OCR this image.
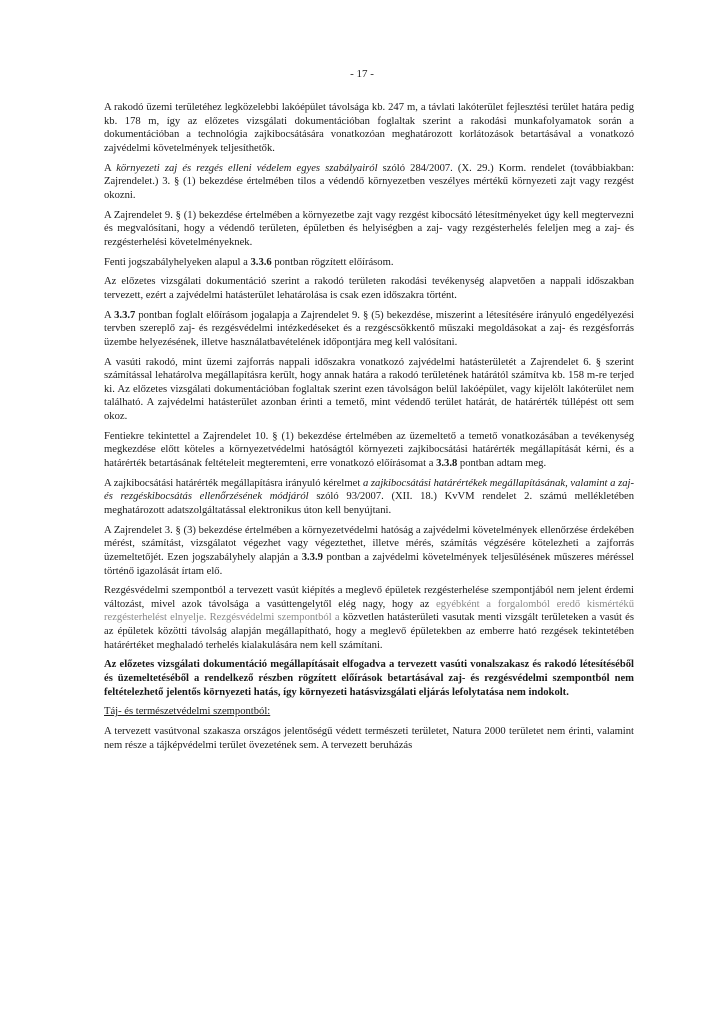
- 17 -

A rakodó üzemi területéhez legközelebbi lakóépület távolsága kb. 247 m, a távlati lakóterület fejlesztési terület határa pedig kb. 178 m, így az előzetes vizsgálati dokumentációban foglaltak szerint a rakodási munkafolyamatok során a dokumentációban a technológia zajkibocsátására vonatkozóan meghatározott korlátozások betartásával a vonatkozó zajvédelmi követelmények teljesíthetők.

A környezeti zaj és rezgés elleni védelem egyes szabályairól szóló 284/2007. (X. 29.) Korm. rendelet (továbbiakban: Zajrendelet.) 3. § (1) bekezdése értelmében tilos a védendő környezetben veszélyes mértékű környezeti zajt vagy rezgést okozni.

A Zajrendelet 9. § (1) bekezdése értelmében a környezetbe zajt vagy rezgést kibocsátó létesítményeket úgy kell megtervezni és megvalósítani, hogy a védendő területen, épületben és helyiségben a zaj- vagy rezgésterhelés feleljen meg a zaj- és rezgésterhelési követelményeknek.

Fenti jogszabályhelyeken alapul a 3.3.6 pontban rögzített előírásom.

Az előzetes vizsgálati dokumentáció szerint a rakodó területen rakodási tevékenység alapvetően a nappali időszakban tervezett, ezért a zajvédelmi hatásterület lehatárolása is csak ezen időszakra történt.

A 3.3.7 pontban foglalt előírásom jogalapja a Zajrendelet 9. § (5) bekezdése, miszerint a létesítésére irányuló engedélyezési tervben szereplő zaj- és rezgésvédelmi intézkedéseket és a rezgéscsökkentő műszaki megoldásokat a zaj- és rezgésforrás üzembe helyezésének, illetve használatbavételének időpontjára meg kell valósítani.

A vasúti rakodó, mint üzemi zajforrás nappali időszakra vonatkozó zajvédelmi hatásterületét a Zajrendelet 6. § szerint számítással lehatárolva megállapításra került, hogy annak határa a rakodó területének határától számítva kb. 158 m-re terjed ki. Az előzetes vizsgálati dokumentációban foglaltak szerint ezen távolságon belül lakóépület, vagy kijelölt lakóterület nem található. A zajvédelmi hatásterület azonban érinti a temető, mint védendő terület határát, de határérték túllépést ott sem okoz.

Fentiekre tekintettel a Zajrendelet 10. § (1) bekezdése értelmében az üzemeltető a temető vonatkozásában a tevékenység megkezdése előtt köteles a környezetvédelmi hatóságtól környezeti zajkibocsátási határérték megállapítását kérni, és a határérték betartásának feltételeit megteremteni, erre vonatkozó előírásomat a 3.3.8 pontban adtam meg.

A zajkibocsátási határérték megállapításra irányuló kérelmet a zajkibocsátási határértékek megállapításának, valamint a zaj- és rezgéskibocsátás ellenőrzésének módjáról szóló 93/2007. (XII. 18.) KvVM rendelet 2. számú mellékletében meghatározott adatszolgáltatással elektronikus úton kell benyújtani.

A Zajrendelet 3. § (3) bekezdése értelmében a környezetvédelmi hatóság a zajvédelmi követelmények ellenőrzése érdekében mérést, számítást, vizsgálatot végezhet vagy végeztethet, illetve mérés, számítás végzésére kötelezheti a zajforrás üzemeltetőjét. Ezen jogszabályhely alapján a 3.3.9 pontban a zajvédelmi követelmények teljesülésének műszeres méréssel történő igazolását írtam elő.

Rezgésvédelmi szempontból a tervezett vasút kiépítés a meglevő épületek rezgésterhelése szempontjából nem jelent érdemi változást, mivel azok távolsága a vasúttengelytől elég nagy, hogy az egyébként a forgalomból eredő kismértékű rezgésterhelést elnyelje. Rezgésvédelmi szempontból a közvetlen hatásterületi vasutak menti vizsgált területeken a vasút és az épületek közötti távolság alapján megállapítható, hogy a meglevő épületekben az emberre ható rezgések tekintetében határértéket meghaladó terhelés kialakulására nem kell számítani.

Az előzetes vizsgálati dokumentáció megállapításait elfogadva a tervezett vasúti vonalszakasz és rakodó létesítéséből és üzemeltetéséből a rendelkező részben rögzített előírások betartásával zaj- és rezgésvédelmi szempontból nem feltételezhető jelentős környezeti hatás, így környezeti hatásvizsgálati eljárás lefolytatása nem indokolt.

Táj- és természetvédelmi szempontból:

A tervezett vasútvonal szakasza országos jelentőségű védett természeti területet, Natura 2000 területet nem érinti, valamint nem része a tájképvédelmi terület övezetének sem. A tervezett beruházás
